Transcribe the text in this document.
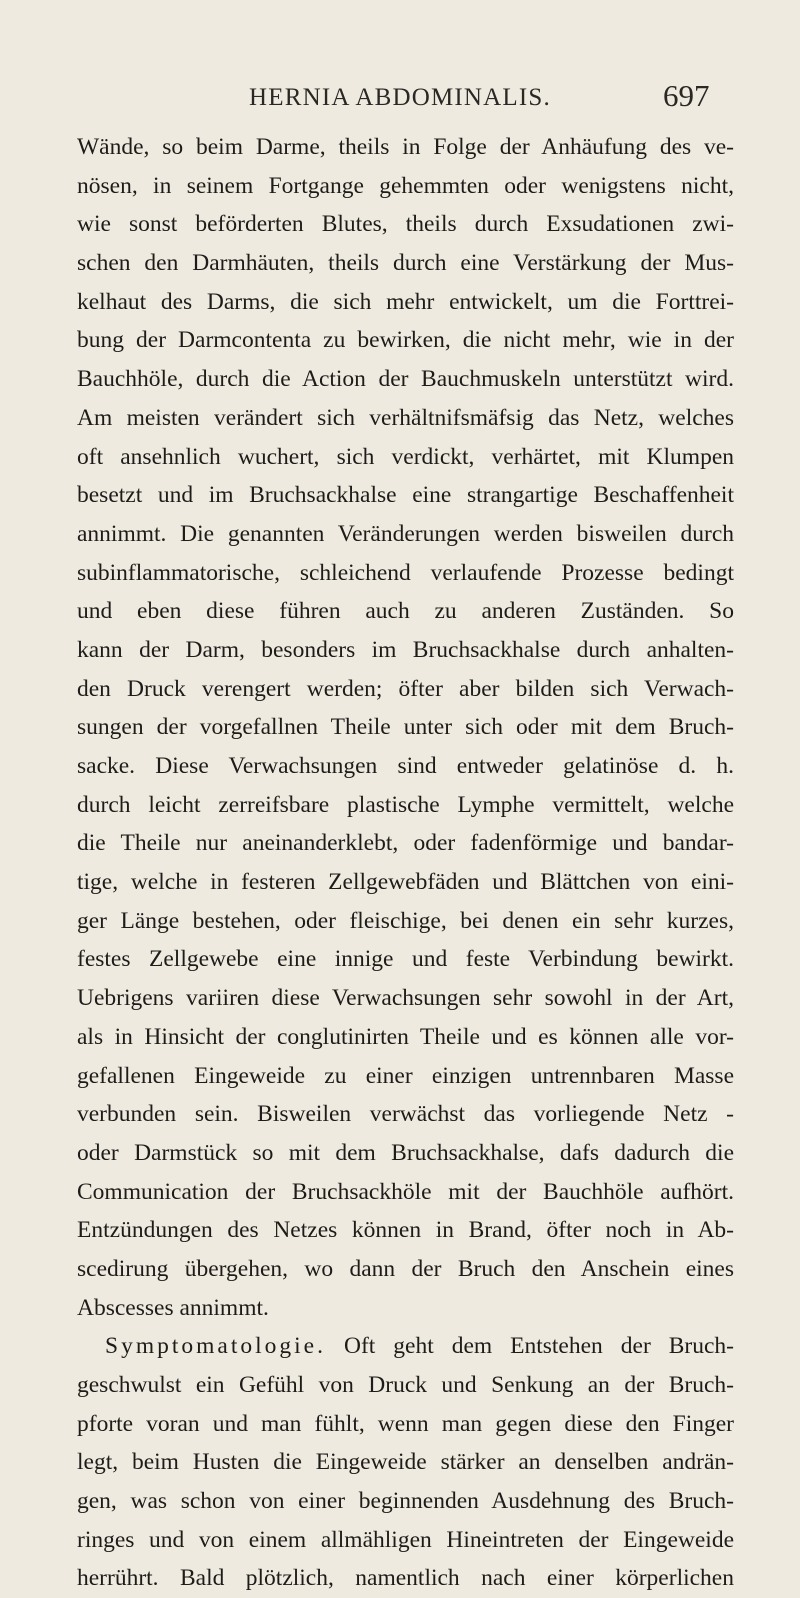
HERNIA ABDOMINALIS.	697
Wände, so beim Darme, theils in Folge der Anhäufung des ve-
nösen, in seinem Fortgange gehemmten oder wenigstens nicht,
wie sonst beförderten Blutes, theils durch Exsudationen zwi-
schen den Darmhäuten, theils durch eine Verstärkung der Mus-
kelhaut des Darms, die sich mehr entwickelt, um die Forttrei-
bung der Darmcontenta zu bewirken, die nicht mehr, wie in der
Bauchhöle, durch die Action der Bauchmuskeln unterstützt wird.
Am meisten verändert sich verhältnifsmäfsig das Netz, welches
oft ansehnlich wuchert, sich verdickt, verhärtet, mit Klumpen
besetzt und im Bruchsackhalse eine strangartige Beschaffenheit
annimmt. Die genannten Veränderungen werden bisweilen durch
subinflammatorische, schleichend verlaufende Prozesse bedingt
und eben diese führen auch zu anderen Zuständen. So
kann der Darm, besonders im Bruchsackhalse durch anhalten-
den Druck verengert werden; öfter aber bilden sich Verwach-
sungen der vorgefallnen Theile unter sich oder mit dem Bruch-
sacke. Diese Verwachsungen sind entweder gelatinöse d. h.
durch leicht zerreifsbare plastische Lymphe vermittelt, welche
die Theile nur aneinanderklebt, oder fadenförmige und bandar-
tige, welche in festeren Zellgewebfäden und Blättchen von eini-
ger Länge bestehen, oder fleischige, bei denen ein sehr kurzes,
festes Zellgewebe eine innige und feste Verbindung bewirkt.
Uebrigens variiren diese Verwachsungen sehr sowohl in der Art,
als in Hinsicht der conglutinirten Theile und es können alle vor-
gefallenen Eingeweide zu einer einzigen untrennbaren Masse
verbunden sein. Bisweilen verwächst das vorliegende Netz -
oder Darmstück so mit dem Bruchsackhalse, dafs dadurch die
Communication der Bruchsackhöle mit der Bauchhöle aufhört.
Entzündungen des Netzes können in Brand, öfter noch in Ab-
scedirung übergehen, wo dann der Bruch den Anschein eines
Abscesses annimmt.
Symptomatologie. Oft geht dem Entstehen der Bruch-
geschwulst ein Gefühl von Druck und Senkung an der Bruch-
pforte voran und man fühlt, wenn man gegen diese den Finger
legt, beim Husten die Eingeweide stärker an denselben andrän-
gen, was schon von einer beginnenden Ausdehnung des Bruch-
ringes und von einem allmähligen Hineintreten der Eingeweide
herrührt. Bald plötzlich, namentlich nach einer körperlichen
